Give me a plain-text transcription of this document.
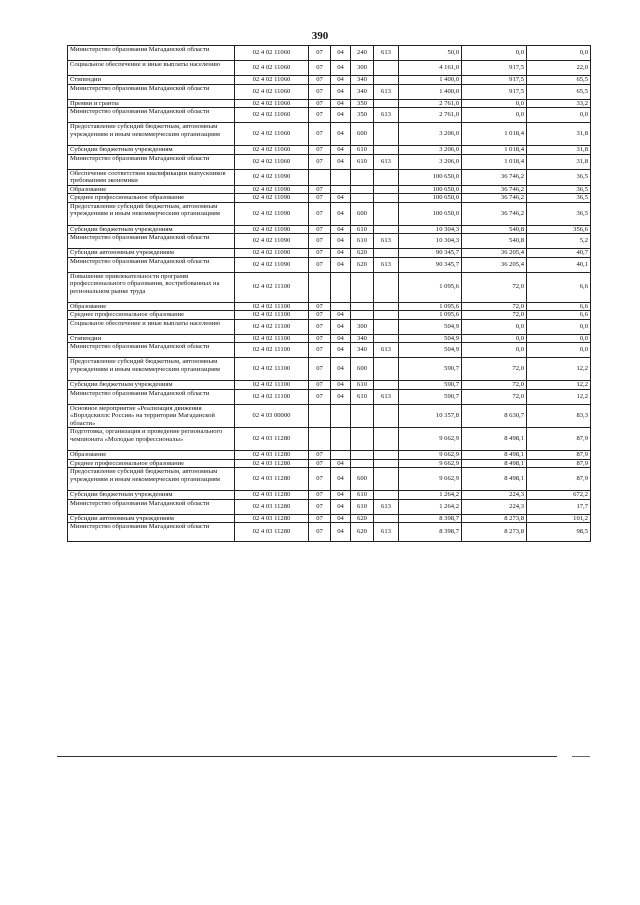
390
Министерство образования Магаданской области	02 4 02 11060	07	04	240	613	50,0	0,0	0,0
Социальное обеспечение и иные выплаты населению	02 4 02 11060	07	04	300		4 161,0	917,5	22,0
Стипендии	02 4 02 11060	07	04	340		1 400,0	917,5	65,5
Министерство образования Магаданской области	02 4 02 11060	07	04	340	613	1 400,0	917,5	65,5
Премии и гранты	02 4 02 11060	07	04	350		2 761,0	0,0	33,2
Министерство образования Магаданской области	02 4 02 11060	07	04	350	613	2 761,0	0,0	0,0
Предоставление субсидий бюджетным, автономным учреждениям и иным некоммерческим организациям	02 4 02 11060	07	04	600		3 206,0	1 018,4	31,8
Субсидии бюджетным учреждениям	02 4 02 11060	07	04	610		3 206,0	1 018,4	31,8
Министерство образования Магаданской области	02 4 02 11060	07	04	610	613	3 206,0	1 018,4	31,8
Обеспечение соответствия квалификации выпускников требованиям экономики	02 4 02 11090					100 650,0	36 746,2	36,5
Образование	02 4 02 11090	07				100 650,0	36 746,2	36,5
Среднее профессиональное образование	02 4 02 11090	07	04			100 650,0	36 746,2	36,5
Предоставление субсидий бюджетным, автономным учреждениям и иным некоммерческим организациям	02 4 02 11090	07	04	600		100 650,0	36 746,2	36,5
Субсидии бюджетным учреждениям	02 4 02 11090	07	04	610		10 304,3	540,8	356,6
Министерство образования Магаданской области	02 4 02 11090	07	04	610	613	10 304,3	540,8	5,2
Субсидии автономным учреждениям	02 4 02 11090	07	04	620		90 345,7	36 205,4	40,7
Министерство образования Магаданской области	02 4 02 11090	07	04	620	613	90 345,7	36 205,4	40,1
Повышение привлекательности программ профессионального образования, востребованных на региональном рынке труда	02 4 02 11100					1 095,6	72,0	6,6
Образование	02 4 02 11100	07				1 095,6	72,0	6,6
Среднее профессиональное образование	02 4 02 11100	07	04			1 095,6	72,0	6,6
Социальное обеспечение и иные выплаты населению	02 4 02 11100	07	04	300		504,9	0,0	0,0
Стипендии	02 4 02 11100	07	04	340		504,9	0,0	0,0
Министерство образования Магаданской области	02 4 02 11100	07	04	340	613	504,9	0,0	0,0
Предоставление субсидий бюджетным, автономным учреждениям и иным некоммерческим организациям	02 4 02 11100	07	04	600		590,7	72,0	12,2
Субсидии бюджетным учреждениям	02 4 02 11100	07	04	610		590,7	72,0	12,2
Министерство образования Магаданской области	02 4 02 11100	07	04	610	613	590,7	72,0	12,2
Основное мероприятие «Реализация движения «Ворлдскиллс Россия» на территории Магаданской области»	02 4 03 00000					10 357,8	8 630,7	83,3
Подготовка, организация и проведение регионального чемпионата «Молодые профессионалы»	02 4 03 11280					9 662,9	8 498,1	87,9
Образование	02 4 03 11280	07				9 662,9	8 498,1	87,9
Среднее профессиональное образование	02 4 03 11280	07	04			9 662,9	8 498,1	87,9
Предоставление субсидий бюджетным, автономным учреждениям и иным некоммерческим организациям	02 4 03 11280	07	04	600		9 662,9	8 498,1	87,9
Субсидии бюджетным учреждениям	02 4 03 11280	07	04	610		1 264,2	224,3	672,2
Министерство образования Магаданской области	02 4 03 11280	07	04	610	613	1 264,2	224,3	17,7
Субсидии автономным учреждениям	02 4 03 11280	07	04	620		8 398,7	8 273,8	101,2
Министерство образования Магаданской области	02 4 03 11280	07	04	620	613	8 398,7	8 273,8	98,5
